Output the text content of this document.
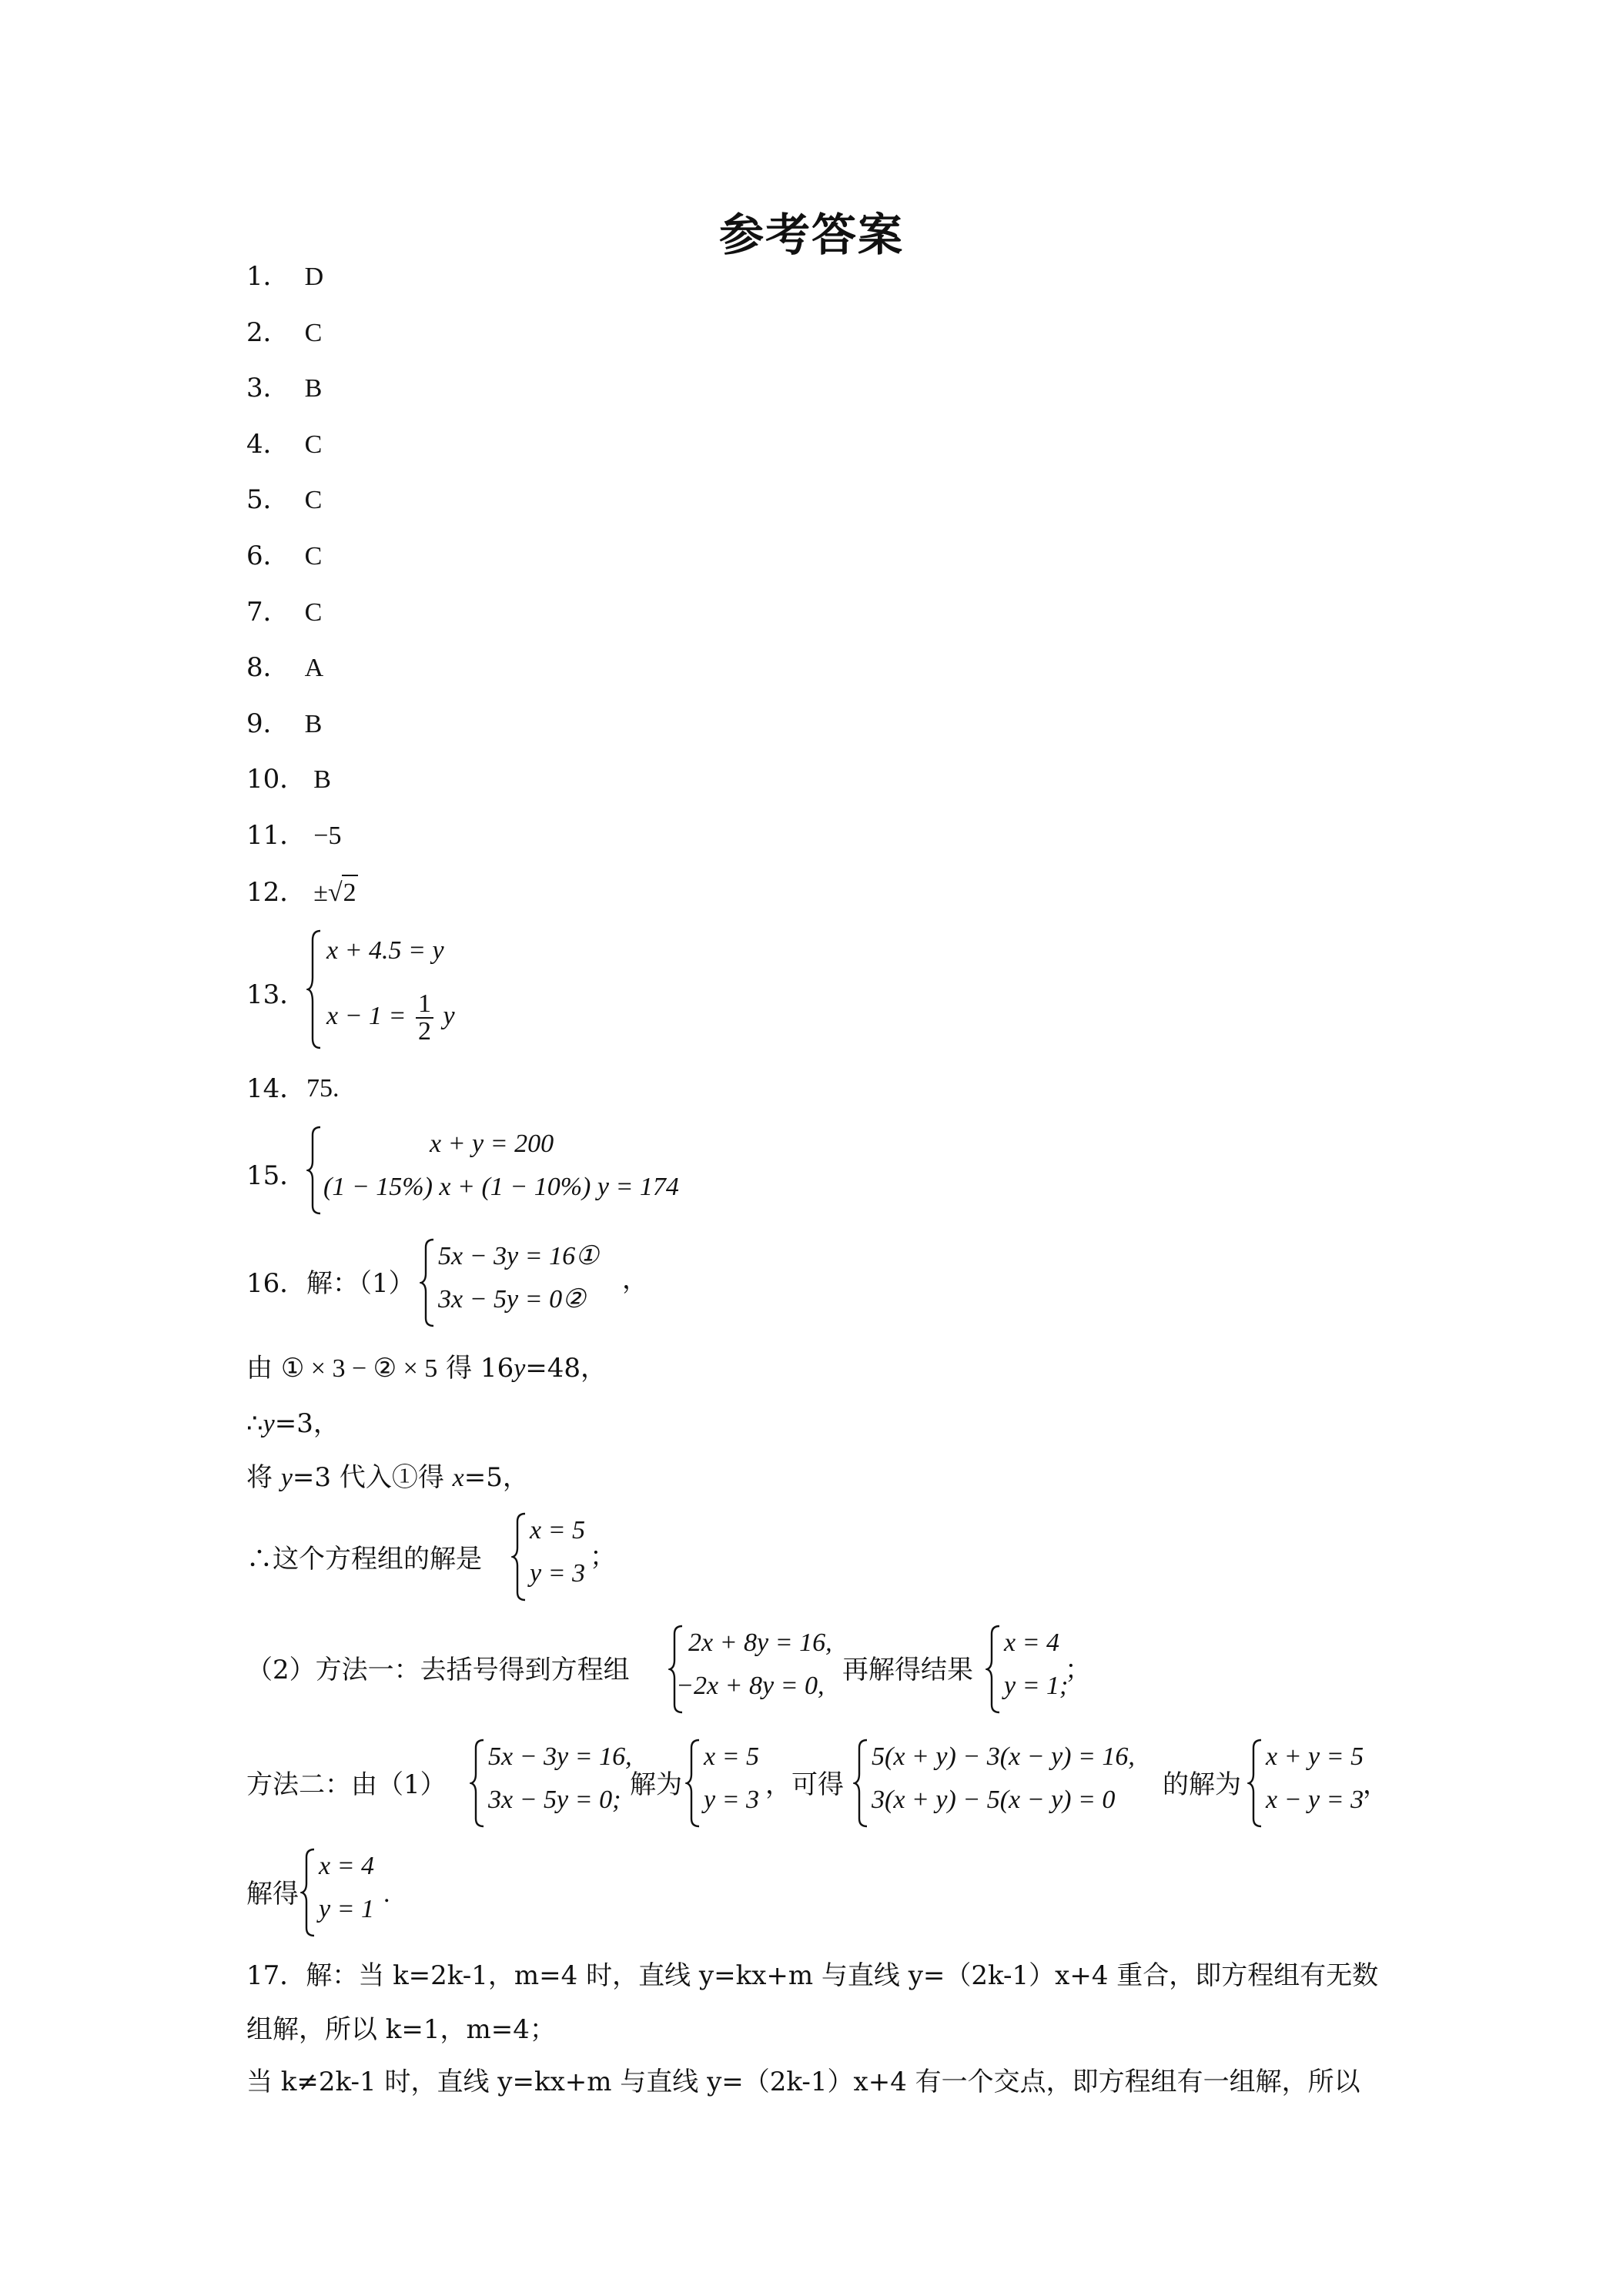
参考答案
1． D
2． C
3． B
4． C
5． C
6． C
7． C
8． A
9． B
10． B
11． −5
12． ±√2
13．
x + 4.5 = y
$x - 1 = \frac{1}{2}$ y
14． 75.
15．
x + y = 200
(1 − 15%) x + (1 − 10%) y = 174
16． 解：（1）
5x − 3y = 16①
3x − 5y = 0②
，
由 ① × 3 − ② × 5 得 16y=48，
∴y=3，
将 y=3 代入①得 x=5，
∴这个方程组的解是
x = 5
y = 3
；
（2）方法一：去括号得到方程组
2x + 8y = 16,
−2x + 8y = 0,
再解得结果
x = 4
y = 1;
；
方法二：由（1）
5x − 3y = 16,
3x − 5y = 0; 解为
x = 5
y = 3 ，可得
5(x + y) − 3(x − y) = 16,
3(x + y) − 5(x − y) = 0 的解为
x + y = 5
x − y = 3
，
解得
x = 4
y = 1
.
17．解：当 k=2k-1，m=4 时，直线 y=kx+m 与直线 y=（2k-1）x+4 重合，即方程组有无数
组解，所以 k=1，m=4；
当 k≠2k-1 时，直线 y=kx+m 与直线 y=（2k-1）x+4 有一个交点，即方程组有一组解，所以
